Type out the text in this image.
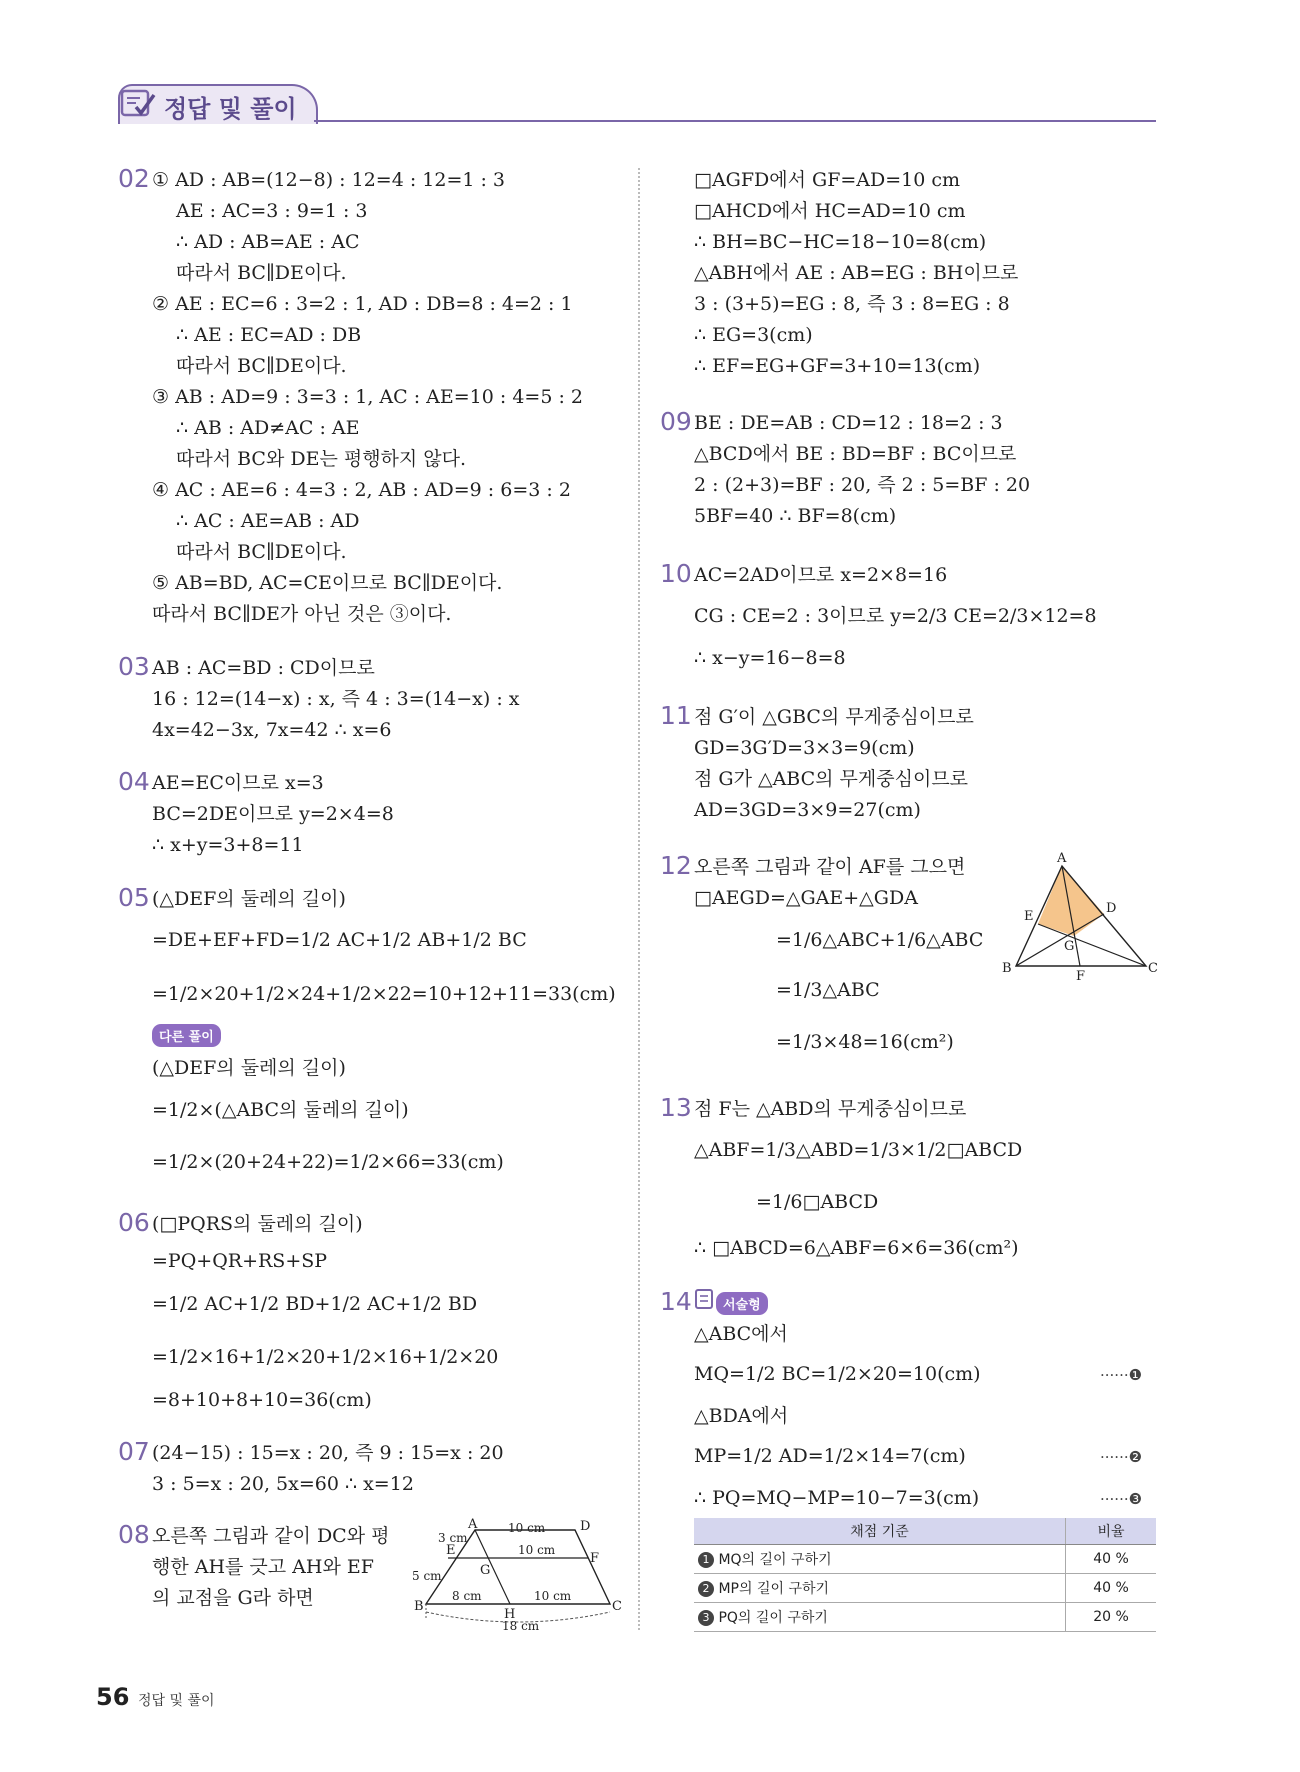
정답 및 풀이
02 ① AD : AB=(12−8) : 12=4 : 12=1 : 3
AE : AC=3 : 9=1 : 3
∴ AD : AB=AE : AC
따라서 BC∥DE이다.
② AE : EC=6 : 3=2 : 1, AD : DB=8 : 4=2 : 1
∴ AE : EC=AD : DB
따라서 BC∥DE이다.
③ AB : AD=9 : 3=3 : 1, AC : AE=10 : 4=5 : 2
∴ AB : AD≠AC : AE
따라서 BC와 DE는 평행하지 않다.
④ AC : AE=6 : 4=3 : 2, AB : AD=9 : 6=3 : 2
∴ AC : AE=AB : AD
따라서 BC∥DE이다.
⑤ AB=BD, AC=CE이므로 BC∥DE이다.
따라서 BC∥DE가 아닌 것은 ③이다.
03 AB : AC=BD : CD이므로
16 : 12=(14−x) : x, 즉 4 : 3=(14−x) : x
4x=42−3x, 7x=42 ∴ x=6
04 AE=EC이므로 x=3
BC=2DE이므로 y=2×4=8
∴ x+y=3+8=11
05 (△DEF의 둘레의 길이)
=DE+EF+FD=1/2 AC+1/2 AB+1/2 BC
=1/2×20+1/2×24+1/2×22=10+12+11=33(cm)
다른 풀이
(△DEF의 둘레의 길이)
=1/2×(△ABC의 둘레의 길이)
=1/2×(20+24+22)=1/2×66=33(cm)
06 (□PQRS의 둘레의 길이)
=PQ+QR+RS+SP
=1/2 AC+1/2 BD+1/2 AC+1/2 BD
=1/2×16+1/2×20+1/2×16+1/2×20
=8+10+8+10=36(cm)
07 (24−15) : 15=x : 20, 즉 9 : 15=x : 20
3 : 5=x : 20, 5x=60 ∴ x=12
08 오른쪽 그림과 같이 DC와 평
행한 AH를 긋고 AH와 EF
의 교점을 G라 하면
A	D
E
F
G
B
H
C
10 cm
10 cm
3 cm
5 cm
8 cm	10 cm
18 cm
□AGFD에서 GF=AD=10 cm
□AHCD에서 HC=AD=10 cm
∴ BH=BC−HC=18−10=8(cm)
△ABH에서 AE : AB=EG : BH이므로
3 : (3+5)=EG : 8, 즉 3 : 8=EG : 8
∴ EG=3(cm)
∴ EF=EG+GF=3+10=13(cm)
09 BE : DE=AB : CD=12 : 18=2 : 3
△BCD에서 BE : BD=BF : BC이므로
2 : (2+3)=BF : 20, 즉 2 : 5=BF : 20
5BF=40 ∴ BF=8(cm)
10 AC=2AD이므로 x=2×8=16
CG : CE=2 : 3이므로 y=2/3 CE=2/3×12=8
∴ x−y=16−8=8
11 점 G′이 △GBC의 무게중심이므로
GD=3G′D=3×3=9(cm)
점 G가 △ABC의 무게중심이므로
AD=3GD=3×9=27(cm)
12 오른쪽 그림과 같이 AF를 그으면
□AEGD=△GAE+△GDA
=1/6△ABC+1/6△ABC
=1/3△ABC
=1/3×48=16(cm²)
A
E
D
G
B
F
C
13 점 F는 △ABD의 무게중심이므로
△ABF=1/3△ABD=1/3×1/2□ABCD
=1/6□ABCD
∴ □ABCD=6△ABF=6×6=36(cm²)
14	서술형
△ABC에서
MQ=1/2 BC=1/2×20=10(cm)	······❶
△BDA에서
MP=1/2 AD=1/2×14=7(cm)	······❷
∴ PQ=MQ−MP=10−7=3(cm)	······❸
채점 기준	비율
1 MQ의 길이 구하기	40 %
2 MP의 길이 구하기	40 %
3 PQ의 길이 구하기	20 %
56 정답 및 풀이
